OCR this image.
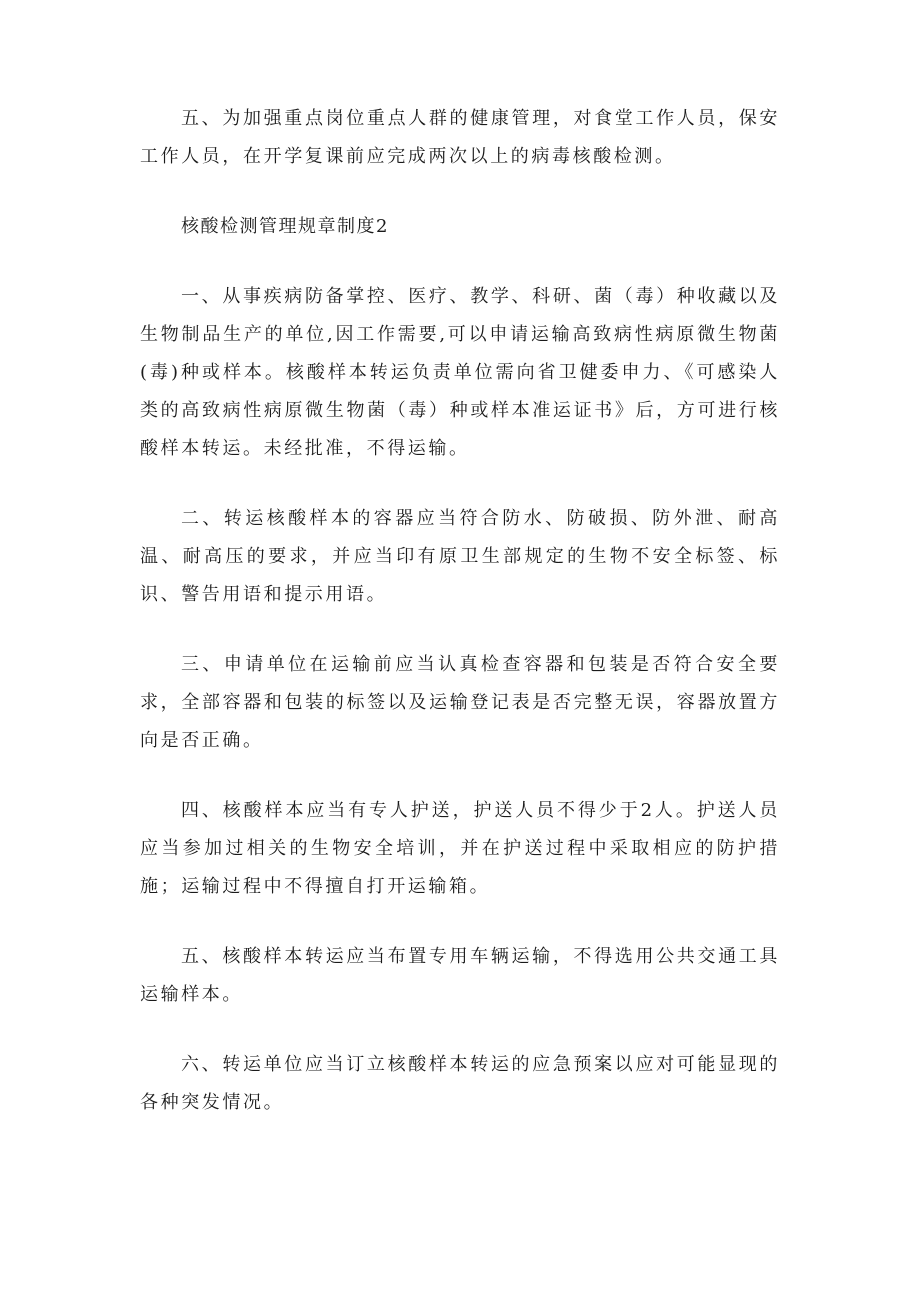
五、为加强重点岗位重点人群的健康管理，对食堂工作人员，保安工作人员，在开学复课前应完成两次以上的病毒核酸检测。

核酸检测管理规章制度2

一、从事疾病防备掌控、医疗、教学、科研、菌（毒）种收藏以及生物制品生产的单位,因工作需要,可以申请运输高致病性病原微生物菌(毒)种或样本。核酸样本转运负责单位需向省卫健委申力、《可感染人类的高致病性病原微生物菌（毒）种或样本准运证书》后，方可进行核酸样本转运。未经批准，不得运输。

二、转运核酸样本的容器应当符合防水、防破损、防外泄、耐高温、耐高压的要求，并应当印有原卫生部规定的生物不安全标签、标识、警告用语和提示用语。

三、申请单位在运输前应当认真检查容器和包装是否符合安全要求，全部容器和包装的标签以及运输登记表是否完整无误，容器放置方向是否正确。

四、核酸样本应当有专人护送，护送人员不得少于2人。护送人员应当参加过相关的生物安全培训，并在护送过程中采取相应的防护措施；运输过程中不得擅自打开运输箱。

五、核酸样本转运应当布置专用车辆运输，不得选用公共交通工具运输样本。

六、转运单位应当订立核酸样本转运的应急预案以应对可能显现的各种突发情况。
